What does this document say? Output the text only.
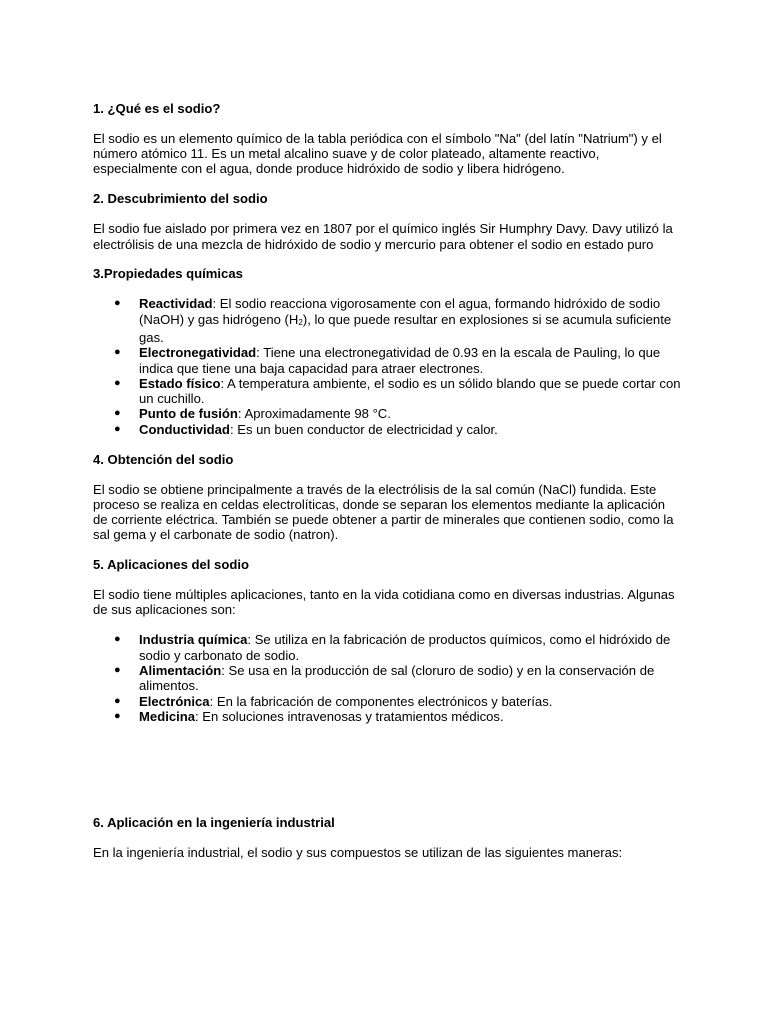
1. ¿Qué es el sodio?

El sodio es un elemento químico de la tabla periódica con el símbolo "Na" (del latín "Natrium") y el número atómico 11. Es un metal alcalino suave y de color plateado, altamente reactivo, especialmente con el agua, donde produce hidróxido de sodio y libera hidrógeno.

2. Descubrimiento del sodio

El sodio fue aislado por primera vez en 1807 por el químico inglés Sir Humphry Davy. Davy utilizó la electrólisis de una mezcla de hidróxido de sodio y mercurio para obtener el sodio en estado puro

3.Propiedades químicas

● Reactividad: El sodio reacciona vigorosamente con el agua, formando hidróxido de sodio (NaOH) y gas hidrógeno (H2), lo que puede resultar en explosiones si se acumula suficiente gas.
● Electronegatividad: Tiene una electronegatividad de 0.93 en la escala de Pauling, lo que indica que tiene una baja capacidad para atraer electrones.
● Estado físico: A temperatura ambiente, el sodio es un sólido blando que se puede cortar con un cuchillo.
● Punto de fusión: Aproximadamente 98 °C.
● Conductividad: Es un buen conductor de electricidad y calor.

4. Obtención del sodio

El sodio se obtiene principalmente a través de la electrólisis de la sal común (NaCl) fundida. Este proceso se realiza en celdas electrolíticas, donde se separan los elementos mediante la aplicación de corriente eléctrica. También se puede obtener a partir de minerales que contienen sodio, como la sal gema y el carbonate de sodio (natron).

5. Aplicaciones del sodio

El sodio tiene múltiples aplicaciones, tanto en la vida cotidiana como en diversas industrias. Algunas de sus aplicaciones son:

● Industria química: Se utiliza en la fabricación de productos químicos, como el hidróxido de sodio y carbonato de sodio.
● Alimentación: Se usa en la producción de sal (cloruro de sodio) y en la conservación de alimentos.
● Electrónica: En la fabricación de componentes electrónicos y baterías.
● Medicina: En soluciones intravenosas y tratamientos médicos.

6. Aplicación en la ingeniería industrial

En la ingeniería industrial, el sodio y sus compuestos se utilizan de las siguientes maneras:
